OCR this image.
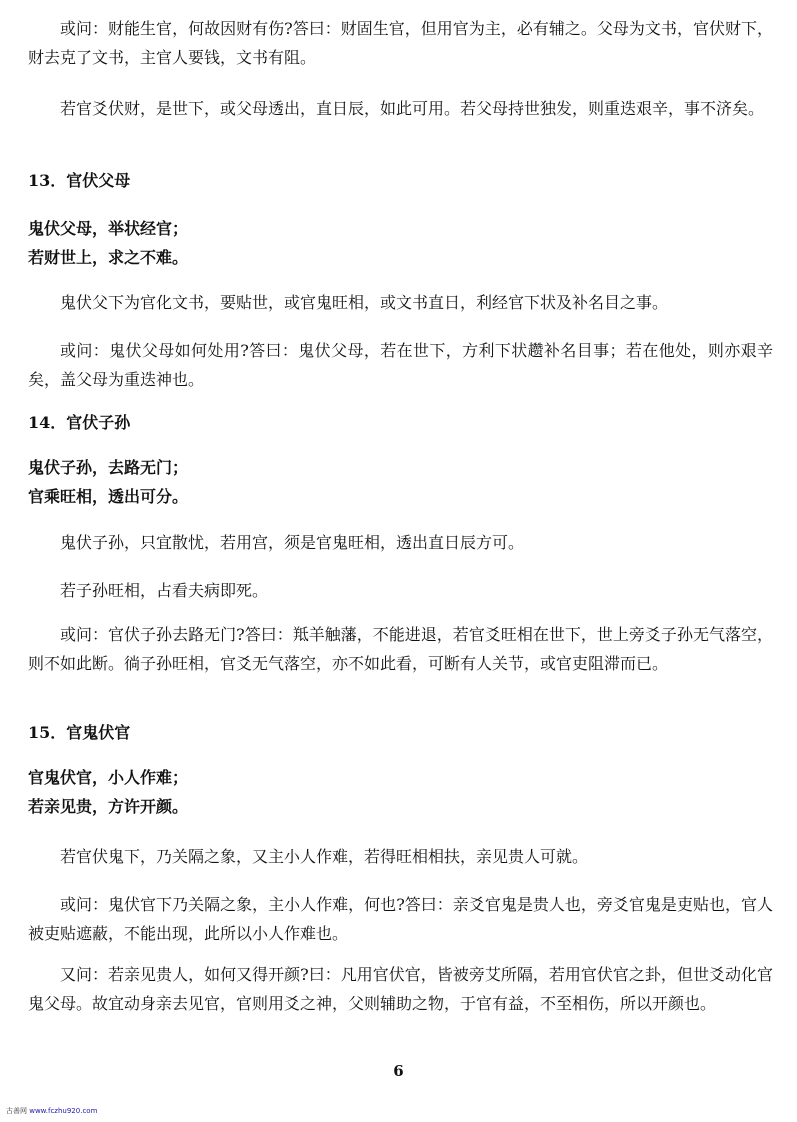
或问：财能生官，何故因财有伤?答曰：财固生官，但用官为主，必有辅之。父母为文书，官伏财下，财去克了文书，主官人要钱，文书有阻。

若官爻伏财，是世下，或父母透出，直日辰，如此可用。若父母持世独发，则重迭艰辛，事不济矣。

13．官伏父母

鬼伏父母，举状经官；
若财世上，求之不难。

鬼伏父下为官化文书，要贴世，或官鬼旺相，或文书直日，利经官下状及补名目之事。

或问：鬼伏父母如何处用?答曰：鬼伏父母，若在世下，方利下状趱补名目事；若在他处，则亦艰辛矣，盖父母为重迭神也。

14．官伏子孙

鬼伏子孙，去路无门；
官乘旺相，透出可分。

鬼伏子孙，只宜散忧，若用宫，须是官鬼旺相，透出直日辰方可。

若子孙旺相，占看夫病即死。

或问：官伏子孙去路无门?答曰：羝羊触藩，不能进退，若官爻旺相在世下，世上旁爻子孙无气落空，则不如此断。徜子孙旺相，官爻无气落空，亦不如此看，可断有人关节，或官吏阻滞而已。

15．官鬼伏官

官鬼伏官，小人作难；
若亲见贵，方许开颜。

若官伏鬼下，乃关隔之象，又主小人作难，若得旺相相扶，亲见贵人可就。

或问：鬼伏官下乃关隔之象，主小人作难，何也?答曰：亲爻官鬼是贵人也，旁爻官鬼是吏贴也，官人被吏贴遮蔽，不能出现，此所以小人作难也。

又问：若亲见贵人，如何又得开颜?曰：凡用官伏官，皆被旁艾所隔，若用官伏官之卦，但世爻动化官鬼父母。故宜动身亲去见官，官则用爻之神，父则辅助之物，于官有益，不至相伤，所以开颜也。

6
古善网 www.fczhu920.com
